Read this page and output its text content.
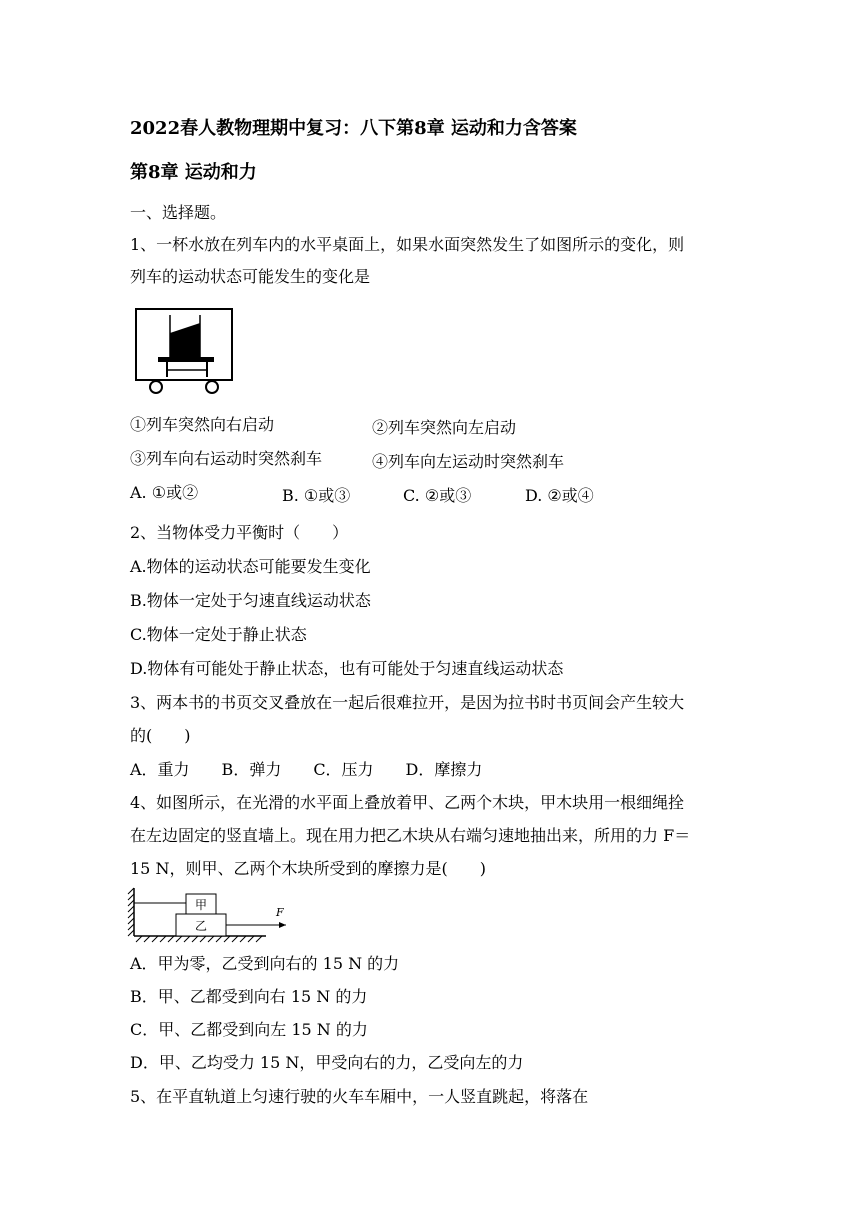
2022春人教物理期中复习：八下第8章 运动和力含答案
第8章 运动和力
一、选择题。
1、一杯水放在列车内的水平桌面上，如果水面突然发生了如图所示的变化，则
列车的运动状态可能发生的变化是
①列车突然向右启动	②列车突然向左启动
③列车向右运动时突然刹车	④列车向左运动时突然刹车
A. ①或②	B. ①或③	C. ②或③	D. ②或④
2、当物体受力平衡时（　　）
A.物体的运动状态可能要发生变化
B.物体一定处于匀速直线运动状态
C.物体一定处于静止状态
D.物体有可能处于静止状态，也有可能处于匀速直线运动状态
3、两本书的书页交叉叠放在一起后很难拉开，是因为拉书时书页间会产生较大
的(　　)
A．重力　　B．弹力　　C．压力　　D．摩擦力
4、如图所示，在光滑的水平面上叠放着甲、乙两个木块，甲木块用一根细绳拴
在左边固定的竖直墙上。现在用力把乙木块从右端匀速地抽出来，所用的力 F＝
15 N，则甲、乙两个木块所受到的摩擦力是(　　)
甲
乙
F
A．甲为零，乙受到向右的 15 N 的力
B．甲、乙都受到向右 15 N 的力
C．甲、乙都受到向左 15 N 的力
D．甲、乙均受力 15 N，甲受向右的力，乙受向左的力
5、在平直轨道上匀速行驶的火车车厢中，一人竖直跳起，将落在
